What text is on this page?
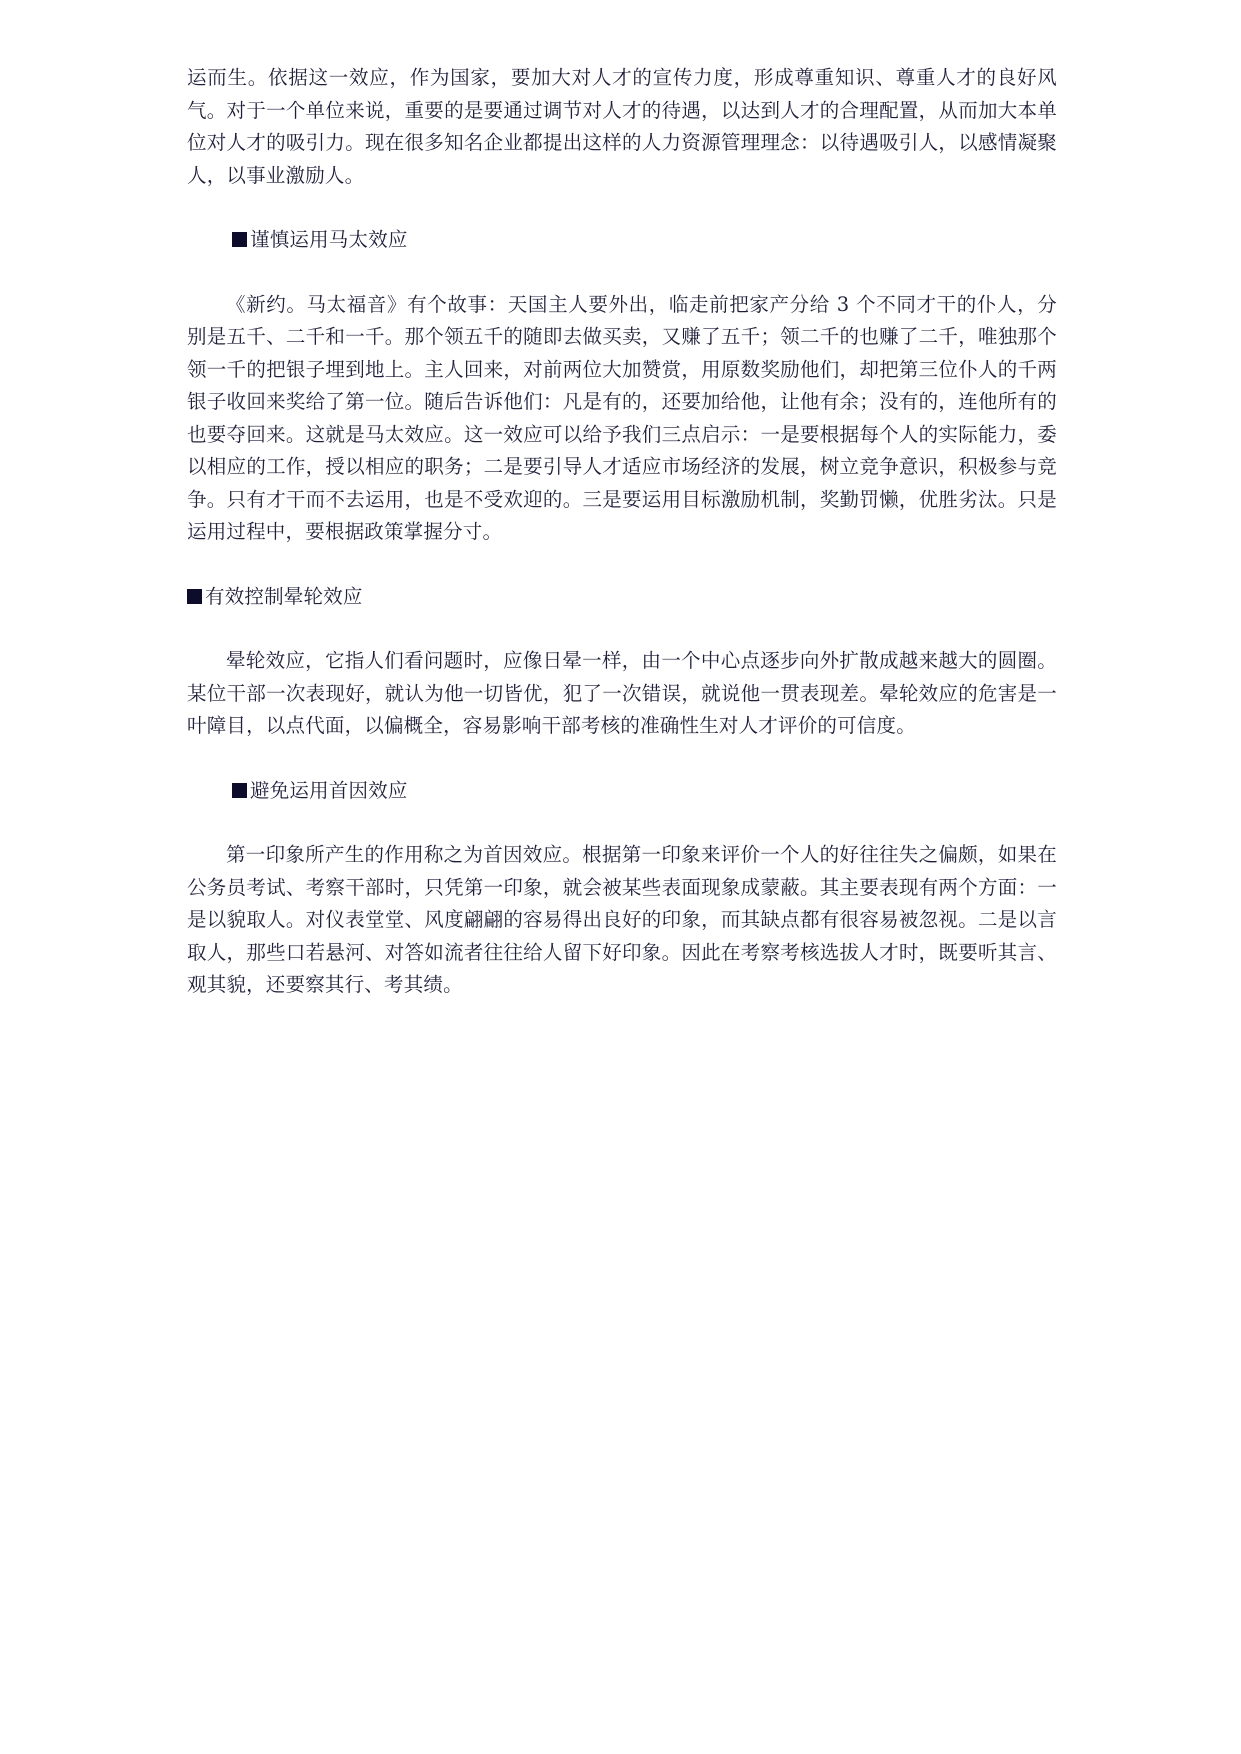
运而生。依据这一效应，作为国家，要加大对人才的宣传力度，形成尊重知识、尊重人才的良好风气。对于一个单位来说，重要的是要通过调节对人才的待遇，以达到人才的合理配置，从而加大本单位对人才的吸引力。现在很多知名企业都提出这样的人力资源管理理念：以待遇吸引人，以感情凝聚人，以事业激励人。

谨慎运用马太效应

《新约。马太福音》有个故事：天国主人要外出，临走前把家产分给 3 个不同才干的仆人，分别是五千、二千和一千。那个领五千的随即去做买卖，又赚了五千；领二千的也赚了二千，唯独那个领一千的把银子埋到地上。主人回来，对前两位大加赞赏，用原数奖励他们，却把第三位仆人的千两银子收回来奖给了第一位。随后告诉他们：凡是有的，还要加给他，让他有余；没有的，连他所有的也要夺回来。这就是马太效应。这一效应可以给予我们三点启示：一是要根据每个人的实际能力，委以相应的工作，授以相应的职务；二是要引导人才适应市场经济的发展，树立竞争意识，积极参与竞争。只有才干而不去运用，也是不受欢迎的。三是要运用目标激励机制，奖勤罚懒，优胜劣汰。只是运用过程中，要根据政策掌握分寸。

有效控制晕轮效应

晕轮效应，它指人们看问题时，应像日晕一样，由一个中心点逐步向外扩散成越来越大的圆圈。某位干部一次表现好，就认为他一切皆优，犯了一次错误，就说他一贯表现差。晕轮效应的危害是一叶障目，以点代面，以偏概全，容易影响干部考核的准确性生对人才评价的可信度。

避免运用首因效应

第一印象所产生的作用称之为首因效应。根据第一印象来评价一个人的好往往失之偏颇，如果在公务员考试、考察干部时，只凭第一印象，就会被某些表面现象成蒙蔽。其主要表现有两个方面：一是以貌取人。对仪表堂堂、风度翩翩的容易得出良好的印象，而其缺点都有很容易被忽视。二是以言取人，那些口若悬河、对答如流者往往给人留下好印象。因此在考察考核选拔人才时，既要听其言、观其貌，还要察其行、考其绩。
